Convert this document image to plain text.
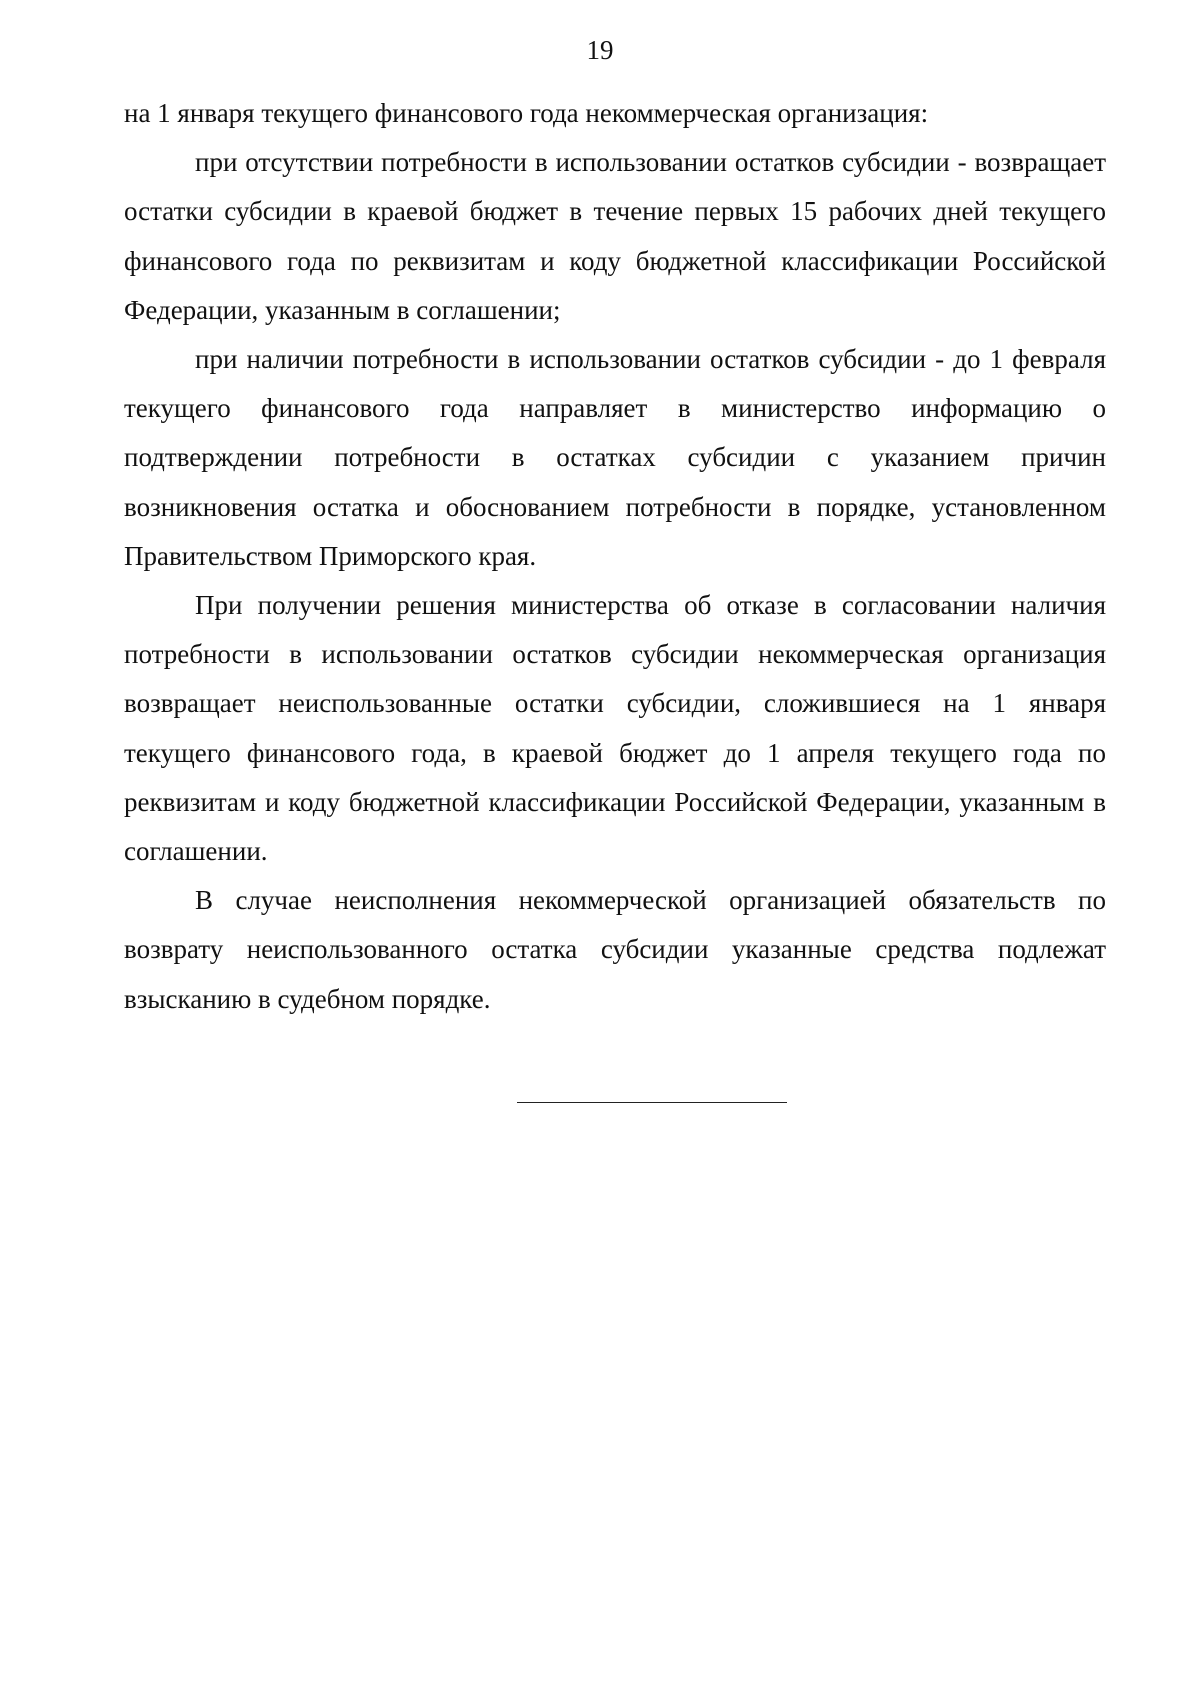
19

на 1 января текущего финансового года некоммерческая организация:

при отсутствии потребности в использовании остатков субсидии - возвращает остатки субсидии в краевой бюджет в течение первых 15 рабочих дней текущего финансового года по реквизитам и коду бюджетной классификации Российской Федерации, указанным в соглашении;

при наличии потребности в использовании остатков субсидии - до 1 февраля текущего финансового года направляет в министерство информацию о подтверждении потребности в остатках субсидии с указанием причин возникновения остатка и обоснованием потребности в порядке, установленном Правительством Приморского края.

При получении решения министерства об отказе в согласовании наличия потребности в использовании остатков субсидии некоммерческая организация возвращает неиспользованные остатки субсидии, сложившиеся на 1 января текущего финансового года, в краевой бюджет до 1 апреля текущего года по реквизитам и коду бюджетной классификации Российской Федерации, указанным в соглашении.

В случае неисполнения некоммерческой организацией обязательств по возврату неиспользованного остатка субсидии указанные средства подлежат взысканию в судебном порядке.
